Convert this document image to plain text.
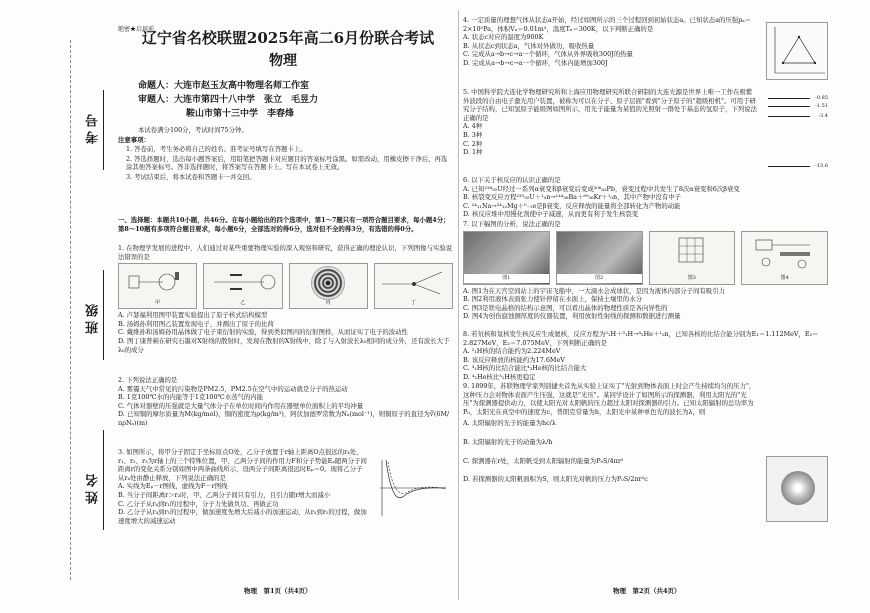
考号
班级
姓名
绝密★启用前
辽宁省名校联盟2025年高二6月份联合考试
物理
命题人：大连市赵玉友高中物理名师工作室
审题人：大连市第四十八中学　张立　毛昱力
鞍山市第十三中学　李春烽

本试卷满分100分，考试时间75分钟。

注意事项：

1. 答卷前，考生务必将自己的姓名、准考证号填写在答题卡上。

2. 答选择题时，选出每小题答案后，用铅笔把答题卡对应题目的答案标号涂黑。如需改动，用橡皮擦干净后，再选涂其他答案标号。答非选择题时，将答案写在答题卡上。写在本试卷上无效。

3. 考试结束后，将本试卷和答题卡一并交回。

一、选择题：本题共10小题，共46分。在每小题给出的四个选项中，第1～7题只有一项符合题目要求，每小题4分；第8～10题有多项符合题目要求，每小题6分，全部选对的得6分，选对但不全的得3分，有选错的得0分。

1. 在物理学发展的进程中，人们通过对某些重要物理实验的深入观察和研究，获得正确的理论认识，下列图像与实验说法错误的是

甲	乙	丙	丁

A. 卢瑟福利用图甲装置实验提出了原子核式结构模型

B. 汤姆孙利用图乙装置发现电子，并测出了原子的比荷

C. 戴维孙和汤姆孙用晶体做了电子束衍射的实验，得到类似图丙的衍射图样，从而证实了电子的波动性

D. 图丁康普顿在研究石墨对X射线的散射时，发现在散射的X射线中，除了与入射波长λ₀相同的成分外，还有波长大于λ₀的成分

2. 下列说法正确的是

A. 雾霾天气中常见的污染物是PM2.5，PM2.5在空气中的运动就是分子的热运动

B. 1克100℃水的内能等于1克100℃水蒸气的内能

C. 气体对器壁的压强就是大量气体分子在单位时间内作用在器壁单位面积上的平均冲量

D. 已知铜的摩尔质量为M(kg/mol)，铜的密度为ρ(kg/m³)，阿伏加德罗常数为Nₐ(mol⁻¹)，则铜原子的直径为∛(6M/πρNₐ)(m)

3. 如图所示，将甲分子固定于坐标原点O处，乙分子放置于r轴上距离O点很远的r₄处，r₁、r₂、r₃为r轴上的三个特殊位置，甲、乙两分子间的作用力F和分子势能Eₚ随两分子间距离r的变化关系分别如图中两条曲线所示，设两分子间距离很远时Eₚ＝0。现将乙分子从r₄处由静止释放，下列说法正确的是

A. 实线为Eₚ－r图线，虚线为F－r图线

B. 当分子间距离r＞r₂时，甲、乙两分子间只有引力，且引力随r增大而减小

C. 乙分子从r₄到r₁的过程中，分子力先做负功、再做正功

D. 乙分子从r₄到r₁的过程中，做加速度先增大后减小的加速运动，从r₃到r₁的过程，做加速度增大的减速运动

物理　第1页（共4页）

4. 一定质量的理想气体从状态a开始，经过如图所示的三个过程回到初始状态a。已知状态a的压强pₐ＝2×10⁵Pa，体积Vₐ＝0.01m³，温度Tₐ＝300K，以下判断正确的是

A. 状态c对应的温度为900K

B. 从状态c到状态a，气体对外做功，吸收热量

C. 完成从a→b→c→a一个循环，气体从外界吸收300J的热量

D. 完成从a→b→c→a一个循环，气体内能增加300J

5. 中国科学院大连化学物理研究所和上海应用物理研究所联合研制的大连光源是世界上唯一工作在极紫外波段的自由电子激光用户装置，被称为可以在分子、原子层面"看到"分子原子的"超级相机"。可用于研究分子结构，已知氢原子能级图如图所示，用光子能量为某值的光照射一群处于基态的氢原子，下列说法正确的是

A. 4种

B. 3种

C. 2种

D. 1种

-0.85
-1.51
-3.4
-13.6

6. 以下关于核反应的认识正确的是

A. 已知²³⁸₉₂U经过一系列α衰变和β衰变后变成²⁰⁶₈₂Pb，衰变过程中共发生了8次α衰变和6次β衰变

B. 核裂变反应方程²³⁵₉₂U＋¹₀n→¹⁴⁴₅₆Ba＋⁸⁹₃₆Kr＋¹₀n，其中产物中没有中子

C. ²⁴₁₁Na→²⁴₁₂Mg＋⁰₋₁e是β衰变，反应释放的能量将全部转化为产物的动能

D. 核反应堆中用慢化剂使中子减速，从而更有利于发生核裂变

7. 以下幅图的分析，说法正确的是

图1	图2	图3	图4

A. 图1为在天宫空间站上的宇宙飞船中，一大滴水会成球状，是因为液体内部分子间有吸引力

B. 图2利用液体表面张力使针停留在水面上，保持土壤里的水分

C. 图3是铁电晶格的结构示意图，可以看出晶体的物理性质是各向异性的

D. 图4为创伤腐蚀测厚度的仪器装置，利用放射性射线的探测和数据进行测量

8. 若氘核和氚核发生核反应生成氦核，反应方程为²₁H＋³₁H→⁴₂He＋¹₀n，已知各核的比结合能分别为E₁＝1.112MeV，E₂＝2.827MeV，E₃＝7.075MeV，下列判断正确的是

A. ²₁H核的结合能约为2.224MeV

B. 该反应释放的核能约为17.6MeV

C. ³₁H核的比结合能比⁴₂He核的比结合能大

D. ⁴₂He核比³₁H核更稳定

9. 1899年，苏联物理学家列别捷夫首先从实验上证实了"光射到物体表面上时会产生持续均匀的压力"，这种压力会对物体表面产生压强，这就是"光压"。某同学设计了如图所示的探测器，利用太阳光的"光压"为探测器提供动力，以使太阳光对太阳帆的压力超过太阳对探测器的引力。已知太阳辐射的总功率为P₀，太阳光在真空中的速度为c，普朗克常量为h，太阳光中某种单色光的波长为λ，则

A. 太阳辐射的光子的能量为hc/λ

B. 太阳辐射的光子的动量为λ/h

C. 探测器在r处，太阳帆受到太阳辐射的能量为P₀S/4πr²

D. 若探测器的太阳帆面积为S，则太阳光对帆的压力为P₀S/2πr²c

物理　第2页（共4页）
